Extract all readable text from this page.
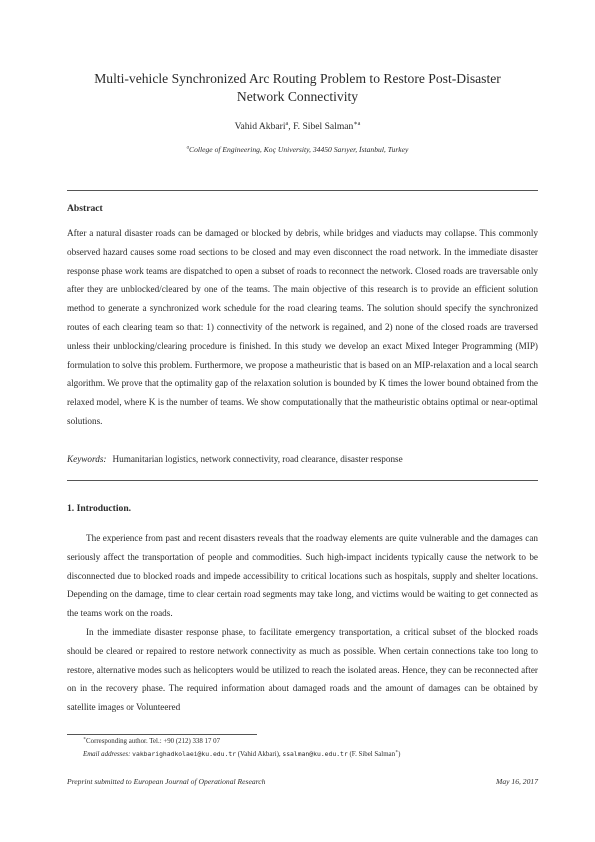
Multi-vehicle Synchronized Arc Routing Problem to Restore Post-Disaster
Network Connectivity
Vahid Akbari$^a$, F. Sibel Salman$^{∗a}$
$^a$College of Engineering, Koç University, 34450 Sarıyer, İstanbul, Turkey
Abstract

After a natural disaster roads can be damaged or blocked by debris, while bridges and viaducts may collapse. This commonly observed hazard causes some road sections to be closed and may even disconnect the road network. In the immediate disaster response phase work teams are dispatched to open a subset of roads to reconnect the network. Closed roads are traversable only after they are unblocked/cleared by one of the teams. The main objective of this research is to provide an efficient solution method to generate a synchronized work schedule for the road clearing teams. The solution should specify the synchronized routes of each clearing team so that: 1) connectivity of the network is regained, and 2) none of the closed roads are traversed unless their unblocking/clearing procedure is finished. In this study we develop an exact Mixed Integer Programming (MIP) formulation to solve this problem. Furthermore, we propose a matheuristic that is based on an MIP-relaxation and a local search algorithm. We prove that the optimality gap of the relaxation solution is bounded by K times the lower bound obtained from the relaxed model, where K is the number of teams. We show computationally that the matheuristic obtains optimal or near-optimal solutions.

Keywords: Humanitarian logistics, network connectivity, road clearance, disaster response
1. Introduction.

The experience from past and recent disasters reveals that the roadway elements are quite vulnerable and the damages can seriously affect the transportation of people and commodities. Such high-impact incidents typically cause the network to be disconnected due to blocked roads and impede accessibility to critical locations such as hospitals, supply and shelter locations. Depending on the damage, time to clear certain road segments may take long, and victims would be waiting to get connected as the teams work on the roads.

In the immediate disaster response phase, to facilitate emergency transportation, a critical subset of the blocked roads should be cleared or repaired to restore network connectivity as much as possible. When certain connections take too long to restore, alternative modes such as helicopters would be utilized to reach the isolated areas. Hence, they can be reconnected after on in the recovery phase. The required information about damaged roads and the amount of damages can be obtained by satellite images or Volunteered

∗Corresponding author. Tel.: +90 (212) 338 17 07
Email addresses: vakbarighadkolaei@ku.edu.tr (Vahid Akbari), ssalman@ku.edu.tr (F. Sibel Salman∗)
Preprint submitted to European Journal of Operational Research	May 16, 2017
